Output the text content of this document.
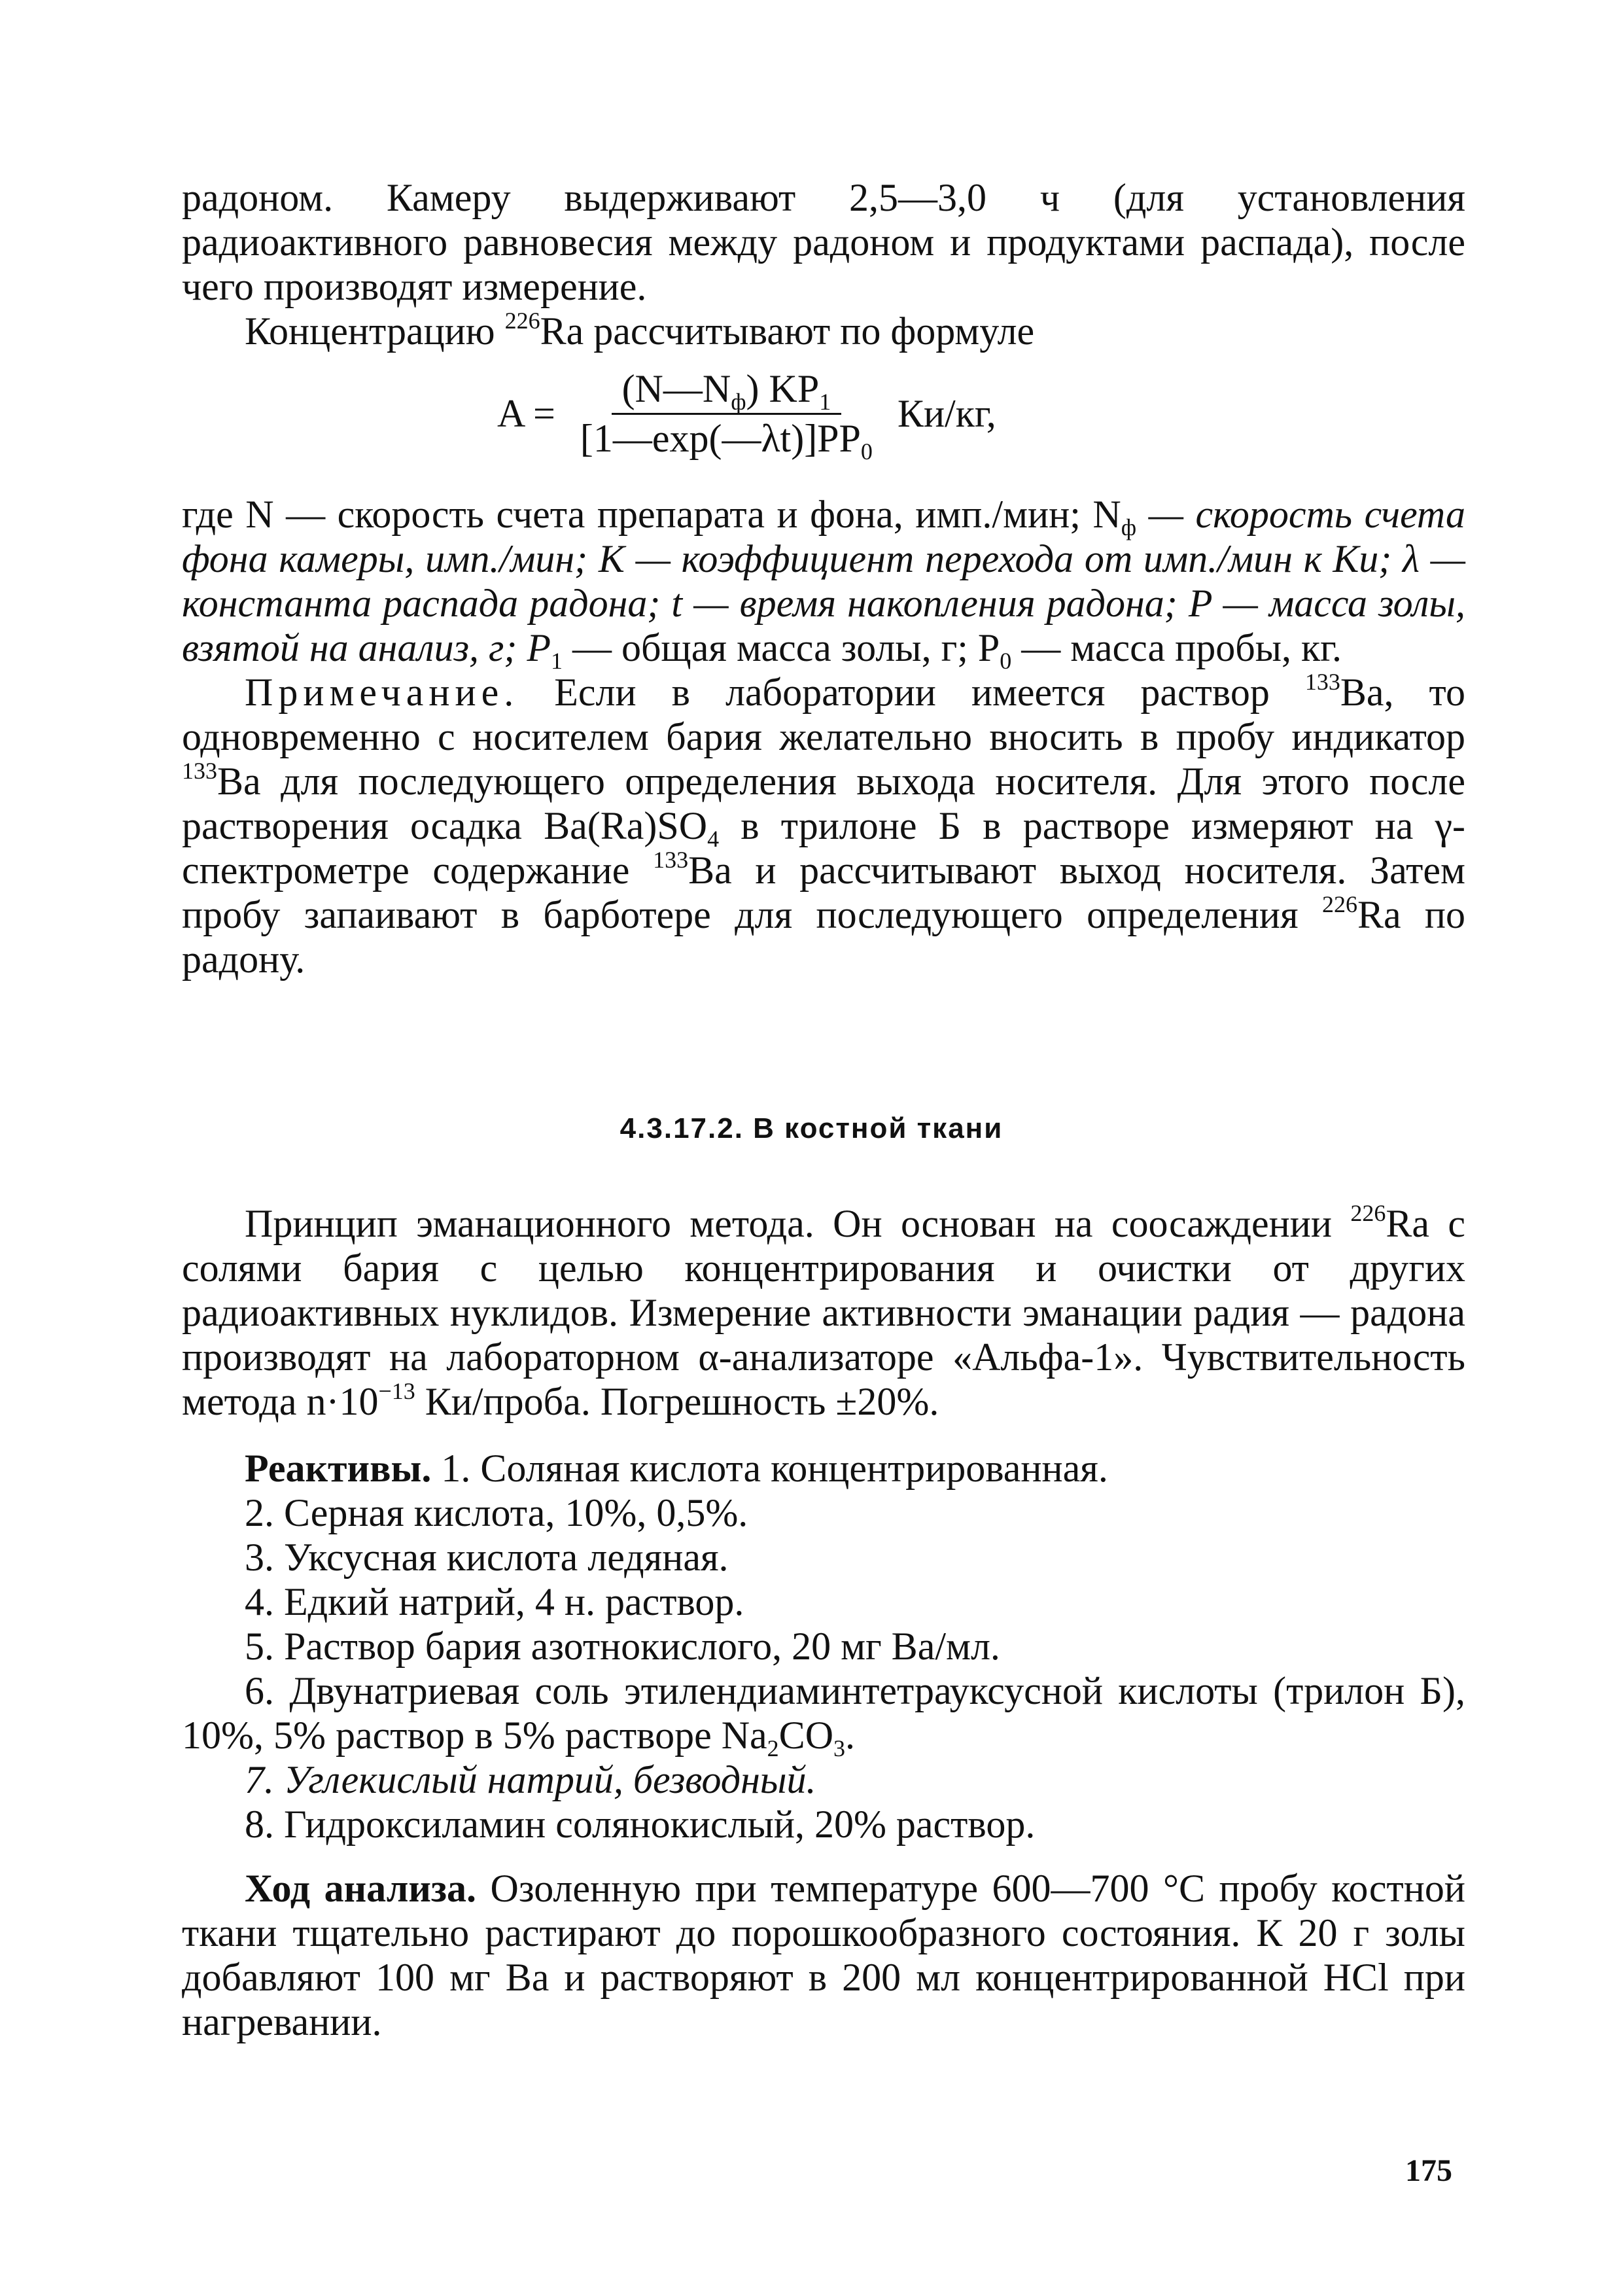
радоном. Камеру выдерживают 2,5—3,0 ч (для установления радиоактивного равновесия между радоном и продуктами распада), после чего производят измерение.

Концентрацию $^{226}$Ra рассчитывают по формуле

$A = \frac{(N—N_ф) KP_1}{[1—\exp(—\lambda t)]PP_0} Ки/кг$,

где N — скорость счета препарата и фона, имп./мин; $N_ф$ — скорость счета фона камеры, имп./мин; K — коэффициент перехода от имп./мин к Ки; λ — константа распада радона; t — время накопления радона; P — масса золы, взятой на анализ, г; $P_1$ — общая масса золы, г; $P_0$ — масса пробы, кг.

Примечание. Если в лаборатории имеется раствор $^{133}$Ba, то одновременно с носителем бария желательно вносить в пробу индикатор $^{133}$Ba для последующего определения выхода носителя. Для этого после растворения осадка $Ba(Ra)SO_4$ в трилоне Б в растворе измеряют на γ-спектрометре содержание $^{133}$Ba и рассчитывают выход носителя. Затем пробу запаивают в барботере для последующего определения $^{226}$Ra по радону.

4.3.17.2. В костной ткани

Принцип эманационного метода. Он основан на соосаждении $^{226}$Ra с солями бария с целью концентрирования и очистки от других радиоактивных нуклидов. Измерение активности эманации радия — радона производят на лабораторном α-анализаторе «Альфа-1». Чувствительность метода $n\cdot 10^{-13}$ Ки/проба. Погрешность ±20%.

Реактивы. 1. Соляная кислота концентрированная.

2. Серная кислота, 10%, 0,5%.

3. Уксусная кислота ледяная.

4. Едкий натрий, 4 н. раствор.

5. Раствор бария азотнокислого, 20 мг Ba/мл.

6. Двунатриевая соль этилендиаминтетрауксусной кислоты (трилон Б), 10%, 5% раствор в 5% растворе $Na_2CO_3$.

7. Углекислый натрий, безводный.

8. Гидроксиламин солянокислый, 20% раствор.

Ход анализа. Озоленную при температуре 600—700 °C пробу костной ткани тщательно растирают до порошкообразного состояния. К 20 г золы добавляют 100 мг Ba и растворяют в 200 мл концентрированной HCl при нагревании.

175
